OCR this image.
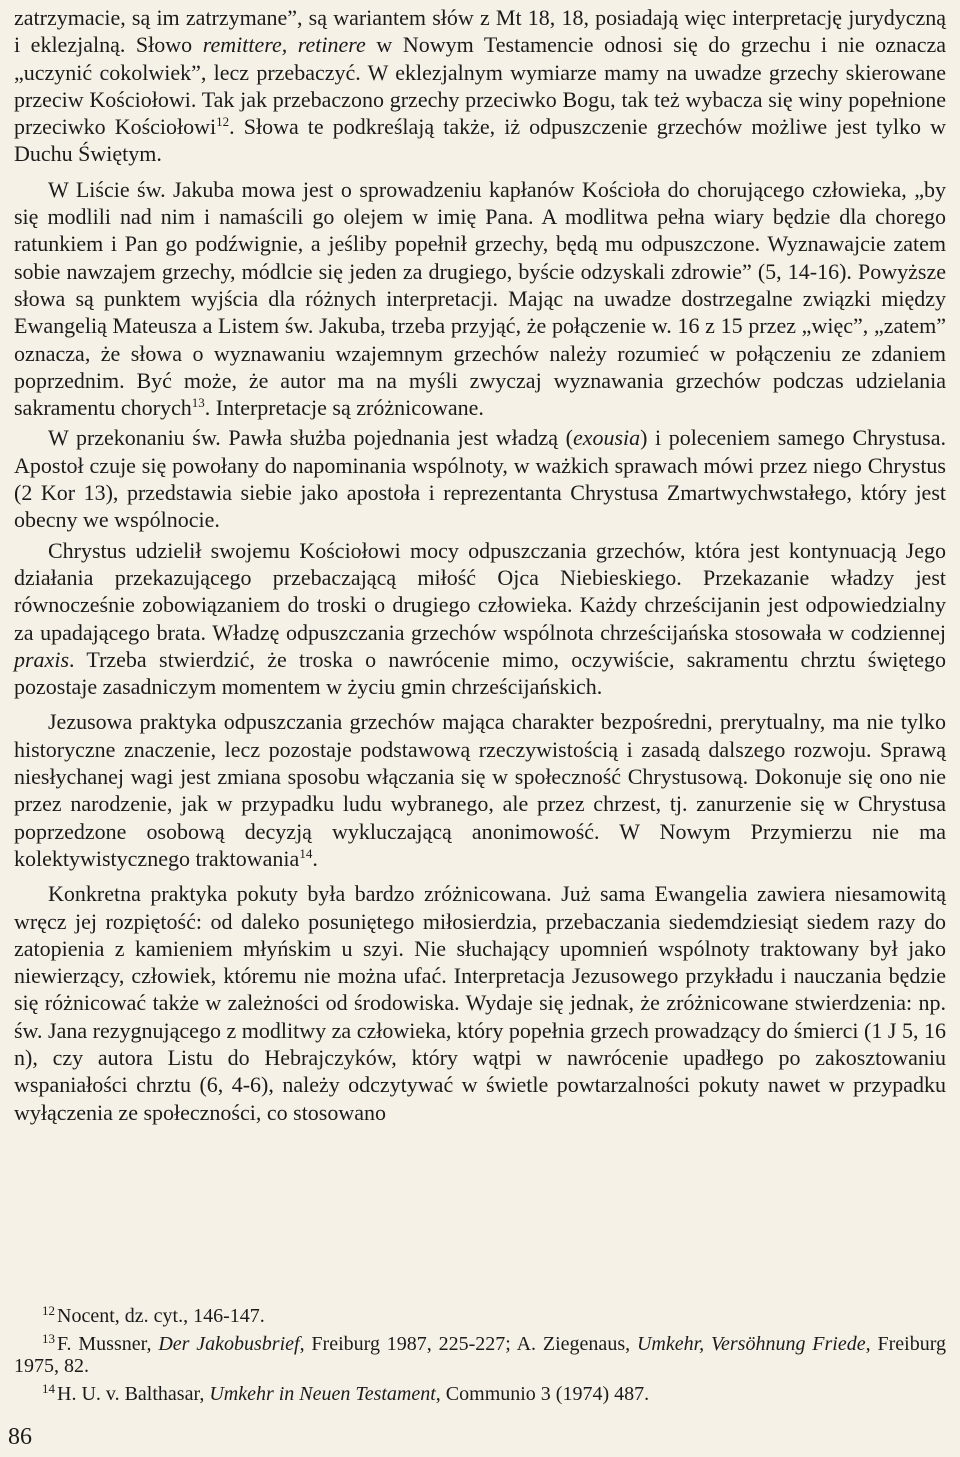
zatrzymacie, są im zatrzymane”, są wariantem słów z Mt 18, 18, posiadają więc interpretację jurydyczną i eklezjalną. Słowo remittere, retinere w Nowym Testamencie odnosi się do grzechu i nie oznacza „uczynić cokolwiek”, lecz przebaczyć. W eklezjalnym wymiarze mamy na uwadze grzechy skierowane przeciw Kościołowi. Tak jak przebaczono grzechy przeciwko Bogu, tak też wybacza się winy popełnione przeciwko Kościołowi$^{12}$. Słowa te podkreślają także, iż odpuszczenie grzechów możliwe jest tylko w Duchu Świętym.

W Liście św. Jakuba mowa jest o sprowadzeniu kapłanów Kościoła do chorującego człowieka, „by się modlili nad nim i namaścili go olejem w imię Pana. A modlitwa pełna wiary będzie dla chorego ratunkiem i Pan go podźwignie, a jeśliby popełnił grzechy, będą mu odpuszczone. Wyznawajcie zatem sobie nawzajem grzechy, módlcie się jeden za drugiego, byście odzyskali zdrowie” (5, 14-16). Powyższe słowa są punktem wyjścia dla różnych interpretacji. Mając na uwadze dostrzegalne związki między Ewangelią Mateusza a Listem św. Jakuba, trzeba przyjąć, że połączenie w. 16 z 15 przez „więc”, „zatem” oznacza, że słowa o wyznawaniu wzajemnym grzechów należy rozumieć w połączeniu ze zdaniem poprzednim. Być może, że autor ma na myśli zwyczaj wyznawania grzechów podczas udzielania sakramentu chorych$^{13}$. Interpretacje są zróżnicowane.

W przekonaniu św. Pawła służba pojednania jest władzą (exousia) i poleceniem samego Chrystusa. Apostoł czuje się powołany do napominania wspólnoty, w ważkich sprawach mówi przez niego Chrystus (2 Kor 13), przedstawia siebie jako apostoła i reprezentanta Chrystusa Zmartwychwstałego, który jest obecny we wspólnocie.

Chrystus udzielił swojemu Kościołowi mocy odpuszczania grzechów, która jest kontynuacją Jego działania przekazującego przebaczającą miłość Ojca Niebieskiego. Przekazanie władzy jest równocześnie zobowiązaniem do troski o drugiego człowieka. Każdy chrześcijanin jest odpowiedzialny za upadającego brata. Władzę odpuszczania grzechów wspólnota chrześcijańska stosowała w codziennej praxis. Trzeba stwierdzić, że troska o nawrócenie mimo, oczywiście, sakramentu chrztu świętego pozostaje zasadniczym momentem w życiu gmin chrześcijańskich.

Jezusowa praktyka odpuszczania grzechów mająca charakter bezpośredni, prerytualny, ma nie tylko historyczne znaczenie, lecz pozostaje podstawową rzeczywistością i zasadą dalszego rozwoju. Sprawą niesłychanej wagi jest zmiana sposobu włączania się w społeczność Chrystusową. Dokonuje się ono nie przez narodzenie, jak w przypadku ludu wybranego, ale przez chrzest, tj. zanurzenie się w Chrystusa poprzedzone osobową decyzją wykluczającą anonimowość. W Nowym Przymierzu nie ma kolektywistycznego traktowania$^{14}$.

Konkretna praktyka pokuty była bardzo zróżnicowana. Już sama Ewangelia zawiera niesamowitą wręcz jej rozpiętość: od daleko posuniętego miłosierdzia, przebaczania siedemdziesiąt siedem razy do zatopienia z kamieniem młyńskim u szyi. Nie słuchający upomnień wspólnoty traktowany był jako niewierzący, człowiek, któremu nie można ufać. Interpretacja Jezusowego przykładu i nauczania będzie się różnicować także w zależności od środowiska. Wydaje się jednak, że zróżnicowane stwierdzenia: np. św. Jana rezygnującego z modlitwy za człowieka, który popełnia grzech prowadzący do śmierci (1 J 5, 16 n), czy autora Listu do Hebrajczyków, który wątpi w nawrócenie upadłego po zakosztowaniu wspaniałości chrztu (6, 4-6), należy odczytywać w świetle powtarzalności pokuty nawet w przypadku wyłączenia ze społeczności, co stosowano

$^{12}$ Nocent, dz. cyt., 146-147.

$^{13}$ F. Mussner, Der Jakobusbrief, Freiburg 1987, 225-227; A. Ziegenaus, Umkehr, Versöhnung Friede, Freiburg 1975, 82.

$^{14}$ H. U. v. Balthasar, Umkehr in Neuen Testament, Communio 3 (1974) 487.

86
